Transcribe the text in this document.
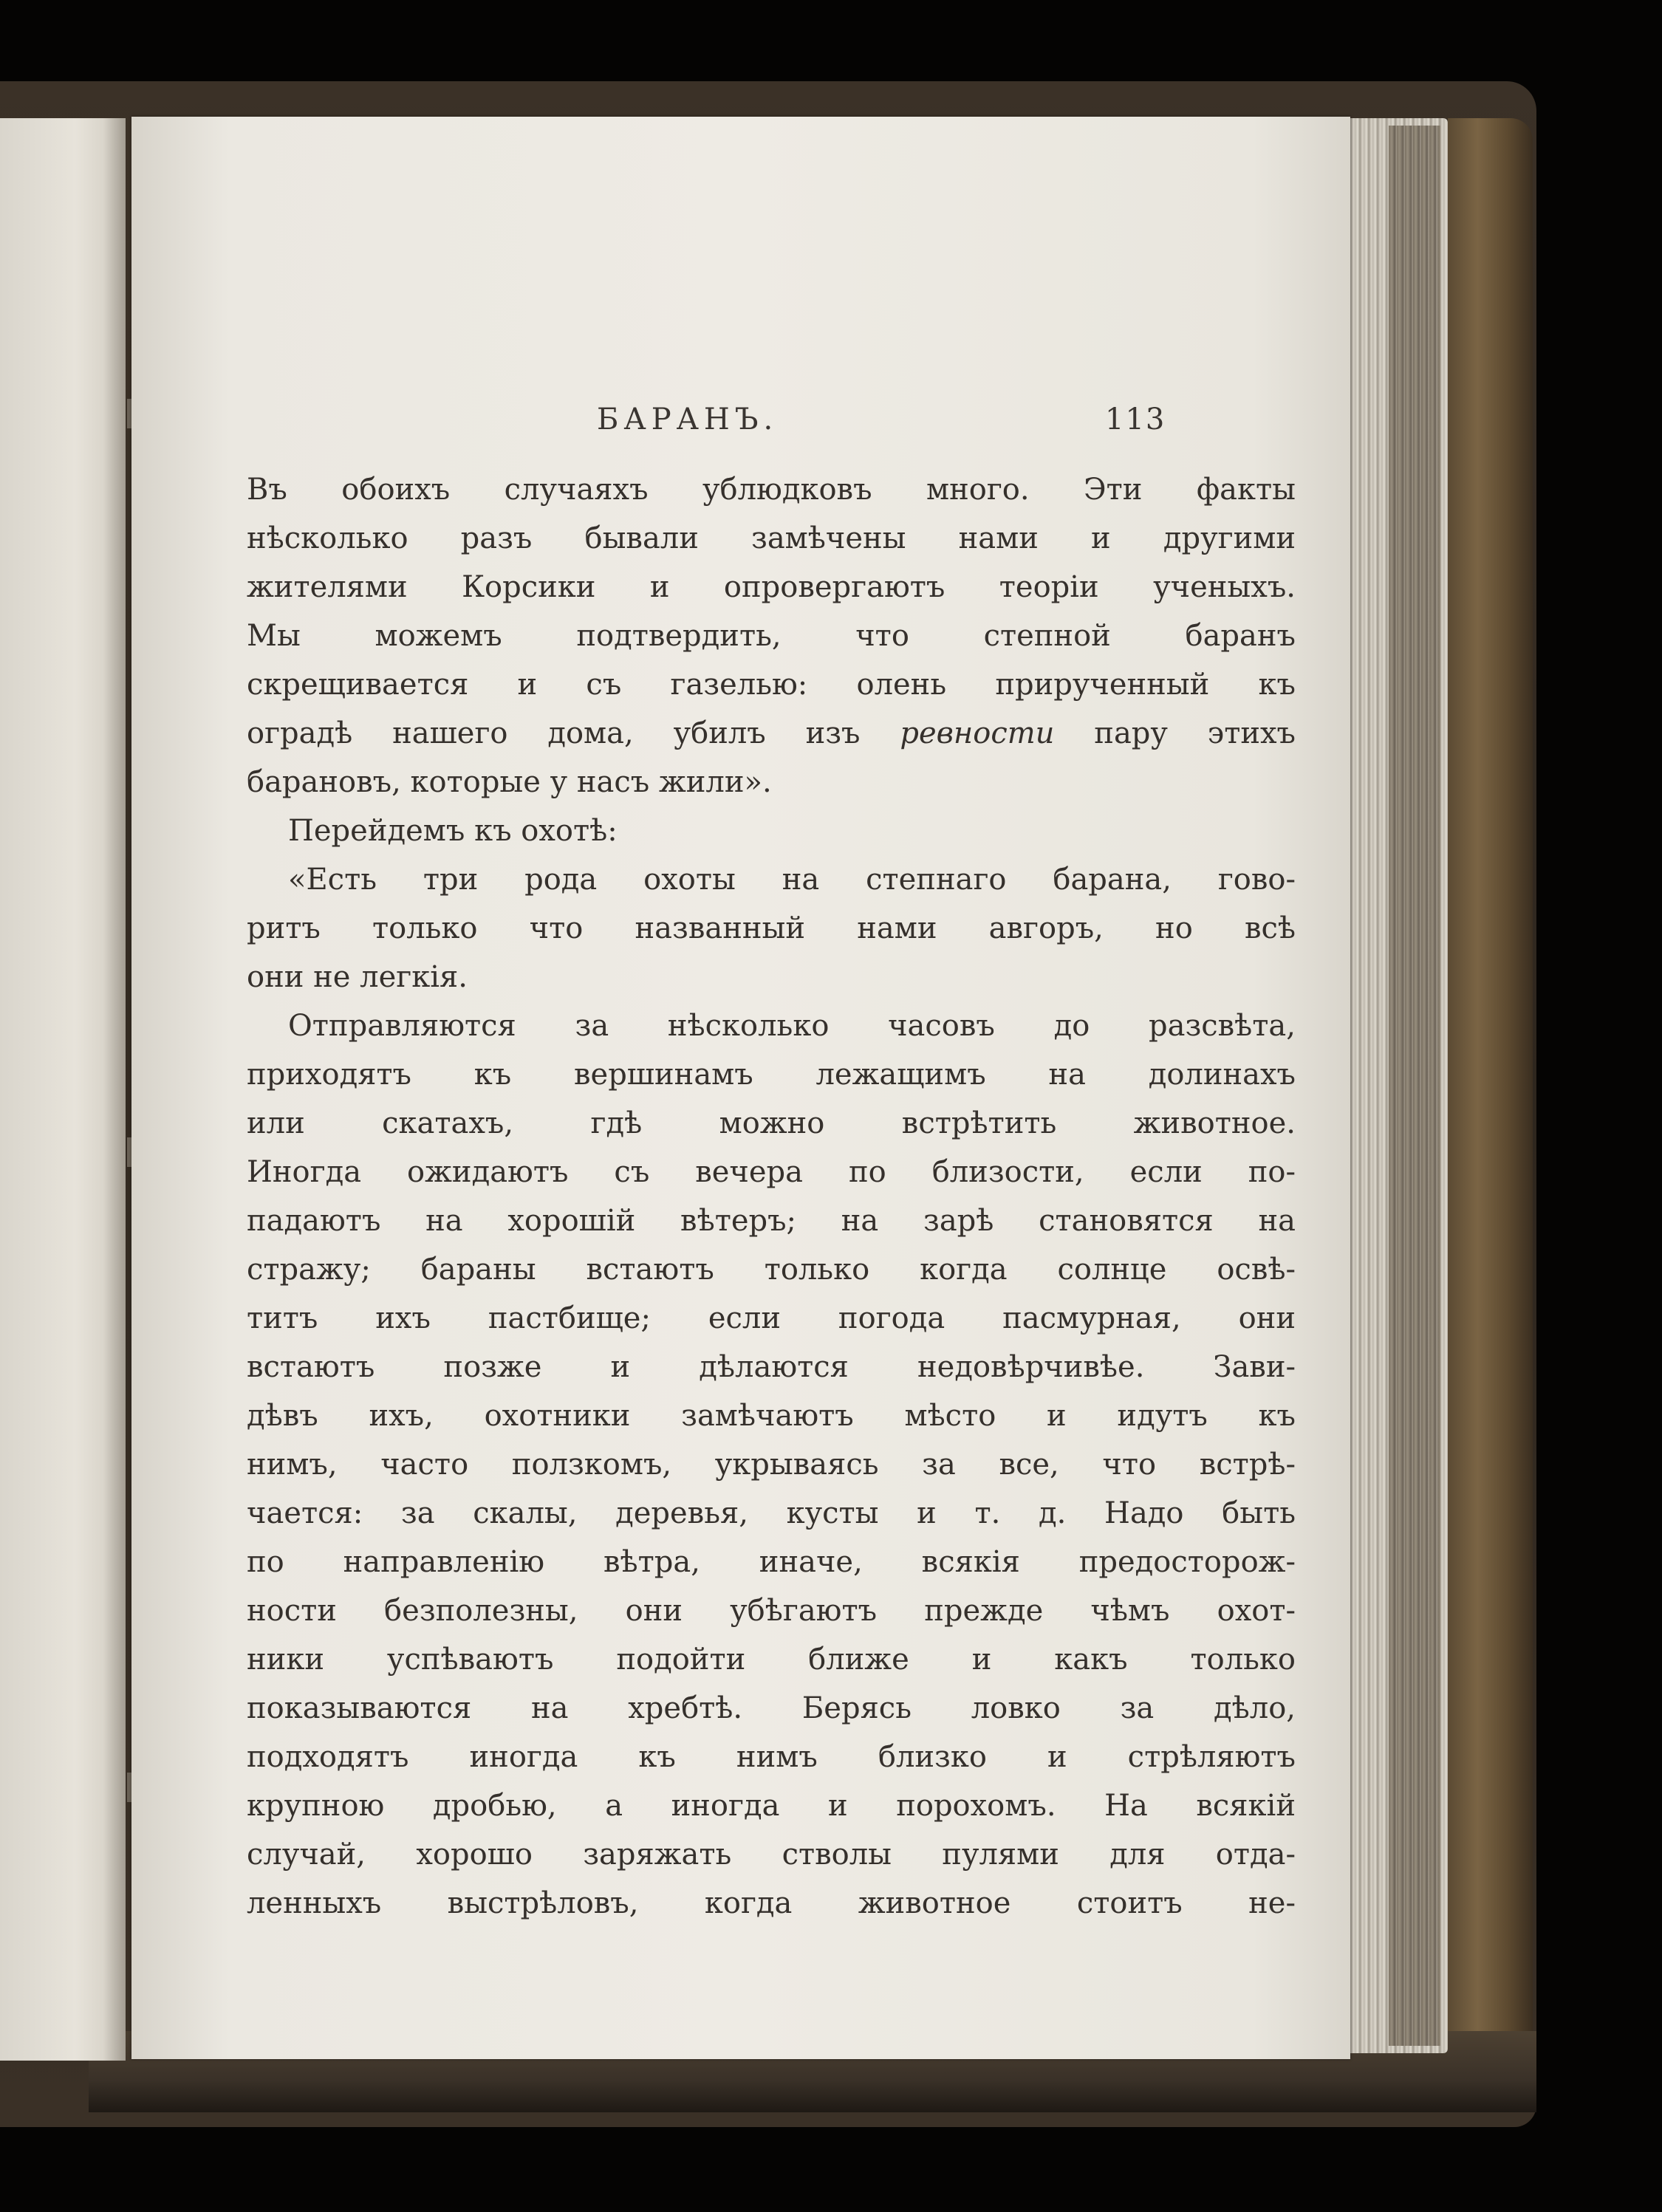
БАРАНЪ.	113
Въ обоихъ случаяхъ ублюдковъ много. Эти факты
нѣсколько разъ бывали замѣчены нами и другими
жителями Корсики и опровергаютъ теоріи ученыхъ.
Мы можемъ подтвердить, что степной баранъ
скрещивается и съ газелью: олень прирученный къ
оградѣ нашего дома, убилъ изъ ревности пару этихъ
барановъ, которые у насъ жили».
Перейдемъ къ охотѣ:
«Есть три рода охоты на степнаго барана, гово-
ритъ только что названный нами авгоръ, но всѣ
они не легкія.
Отправляются за нѣсколько часовъ до разсвѣта,
приходятъ къ вершинамъ лежащимъ на долинахъ
или скатахъ, гдѣ можно встрѣтить животное.
Иногда ожидаютъ съ вечера по близости, если по-
падаютъ на хорошій вѣтеръ; на зарѣ становятся на
стражу; бараны встаютъ только когда солнце освѣ-
титъ ихъ пастбище; если погода пасмурная, они
встаютъ позже и дѣлаются недовѣрчивѣе. Зави-
дѣвъ ихъ, охотники замѣчаютъ мѣсто и идутъ къ
нимъ, часто ползкомъ, укрываясь за все, что встрѣ-
чается: за скалы, деревья, кусты и т. д. Надо быть
по направленію вѣтра, иначе, всякія предосторож-
ности безполезны, они убѣгаютъ прежде чѣмъ охот-
ники успѣваютъ подойти ближе и какъ только
показываются на хребтѣ. Берясь ловко за дѣло,
подходятъ иногда къ нимъ близко и стрѣляютъ
крупною дробью, а иногда и порохомъ. На всякій
случай, хорошо заряжать стволы пулями для отда-
ленныхъ выстрѣловъ, когда животное стоитъ не-
